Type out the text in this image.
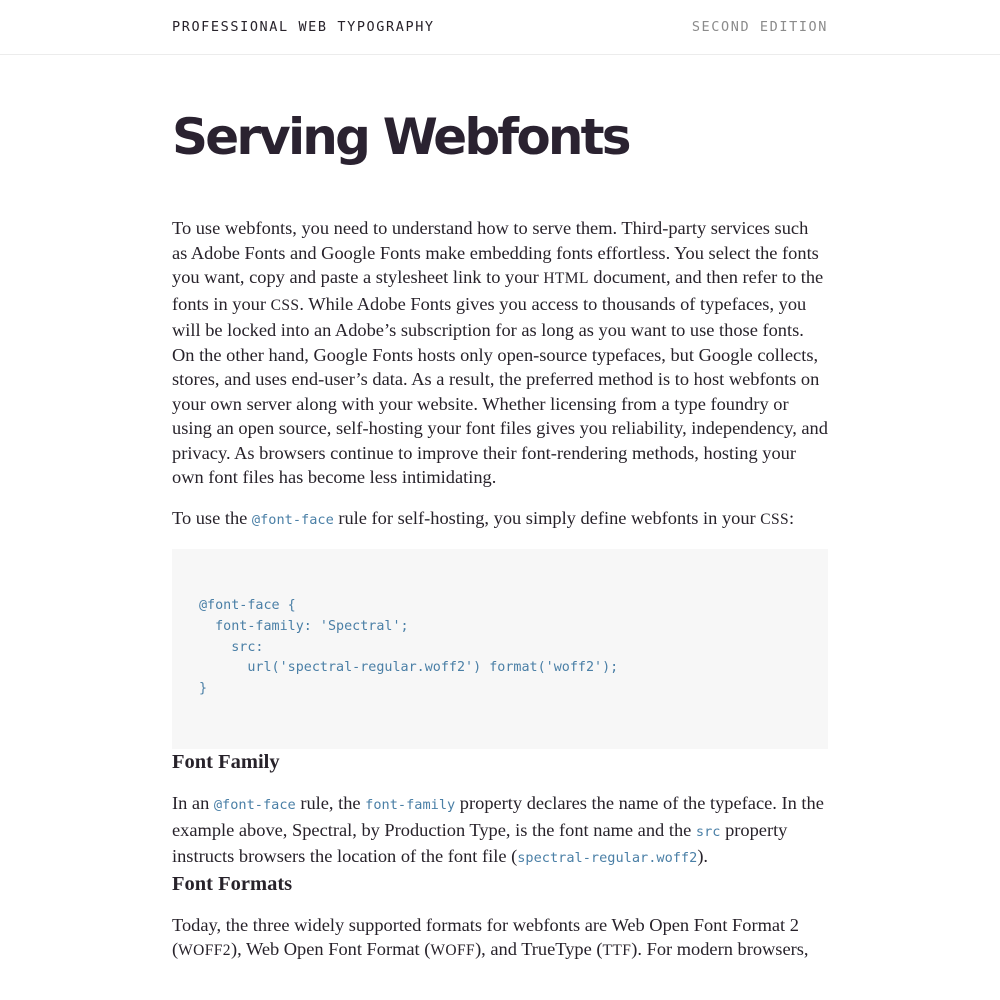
PROFESSIONAL WEB TYPOGRAPHY	SECOND EDITION
Serving Webfonts

To use webfonts, you need to understand how to serve them. Third-party services such as Adobe Fonts and Google Fonts make embedding fonts effortless. You select the fonts you want, copy and paste a stylesheet link to your HTML document, and then refer to the fonts in your CSS. While Adobe Fonts gives you access to thousands of typefaces, you will be locked into an Adobe’s subscription for as long as you want to use those fonts. On the other hand, Google Fonts hosts only open-source typefaces, but Google collects, stores, and uses end-user’s data. As a result, the preferred method is to host webfonts on your own server along with your website. Whether licensing from a type foundry or using an open source, self-hosting your font files gives you reliability, independency, and privacy. As browsers continue to improve their font-rendering methods, hosting your own font files has become less intimidating.

To use the @font-face rule for self-hosting, you simply define webfonts in your CSS:

@font-face {
font-family: 'Spectral';
src:
url('spectral-regular.woff2') format('woff2');
}
Font Family

In an @font-face rule, the font-family property declares the name of the typeface. In the example above, Spectral, by Production Type, is the font name and the src property instructs browsers the location of the font file (spectral-regular.woff2).

Font Formats

Today, the three widely supported formats for webfonts are Web Open Font Format 2 (WOFF2), Web Open Font Format (WOFF), and TrueType (TTF). For modern browsers,
